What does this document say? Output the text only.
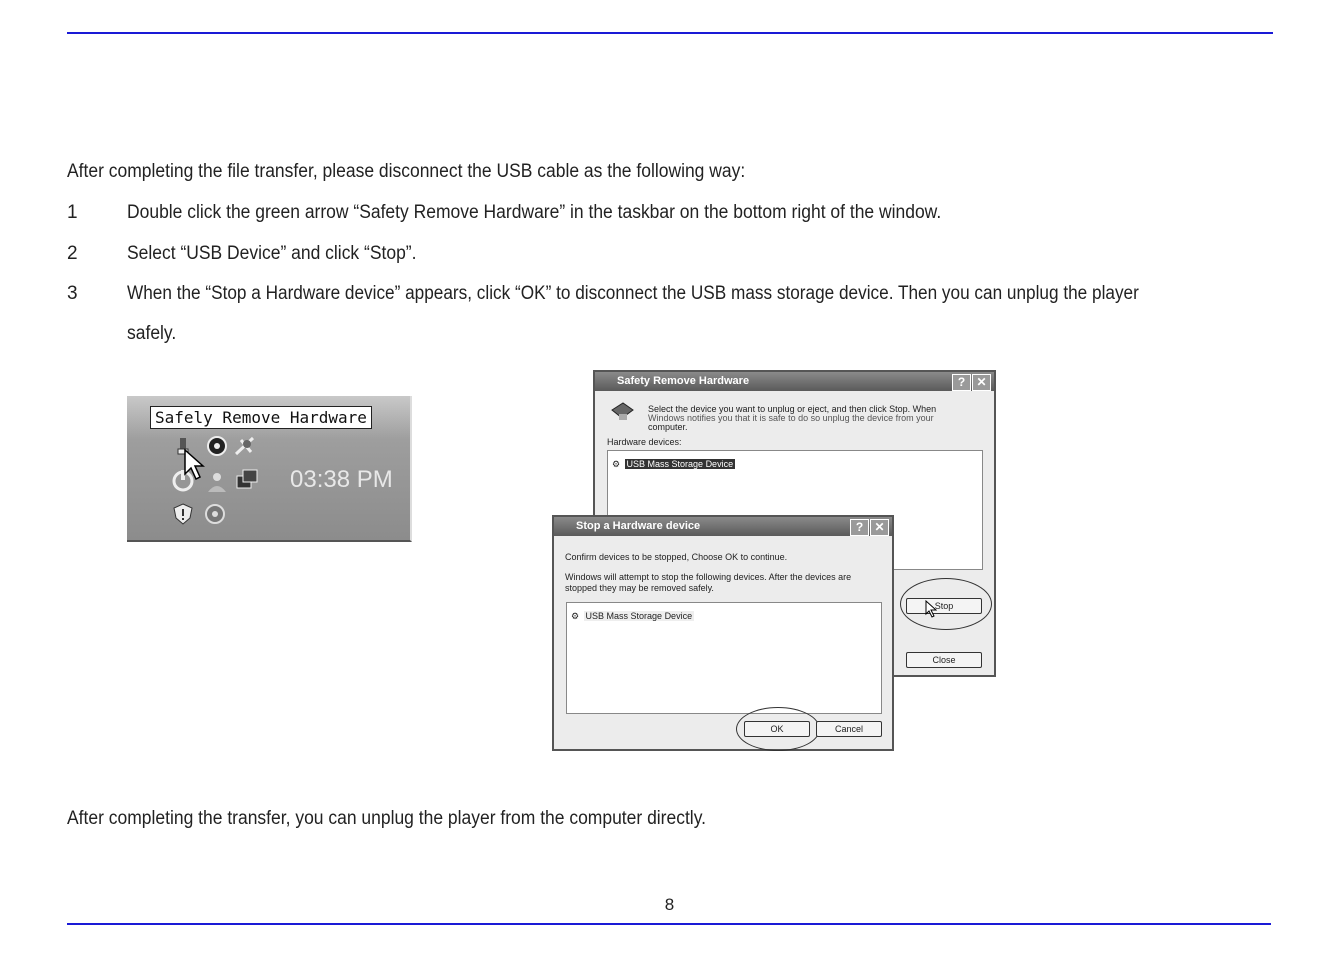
After completing the file transfer, please disconnect the USB cable as the following way:
1	Double click the green arrow “Safety Remove Hardware” in the taskbar on the bottom right of the window.
2	Select “USB Device” and click “Stop”.
3	When the “Stop a Hardware device” appears, click “OK” to disconnect the USB mass storage device. Then you can unplug the player
safely.
Safely Remove Hardware
03:38 PM
Safety Remove Hardware	? ✕
Select the device you want to unplug or eject, and then click Stop. When
Windows notifies you that it is safe to do so unplug the device from your
computer.
Hardware devices:
⚙ USB Mass Storage Device
Stop
Close
Stop a Hardware device	? ✕
Confirm devices to be stopped, Choose OK to continue.
Windows will attempt to stop the following devices. After the devices are
stopped they may be removed safely.
⚙ USB Mass Storage Device
OK	Cancel
After completing the transfer, you can unplug the player from the computer directly.
8
